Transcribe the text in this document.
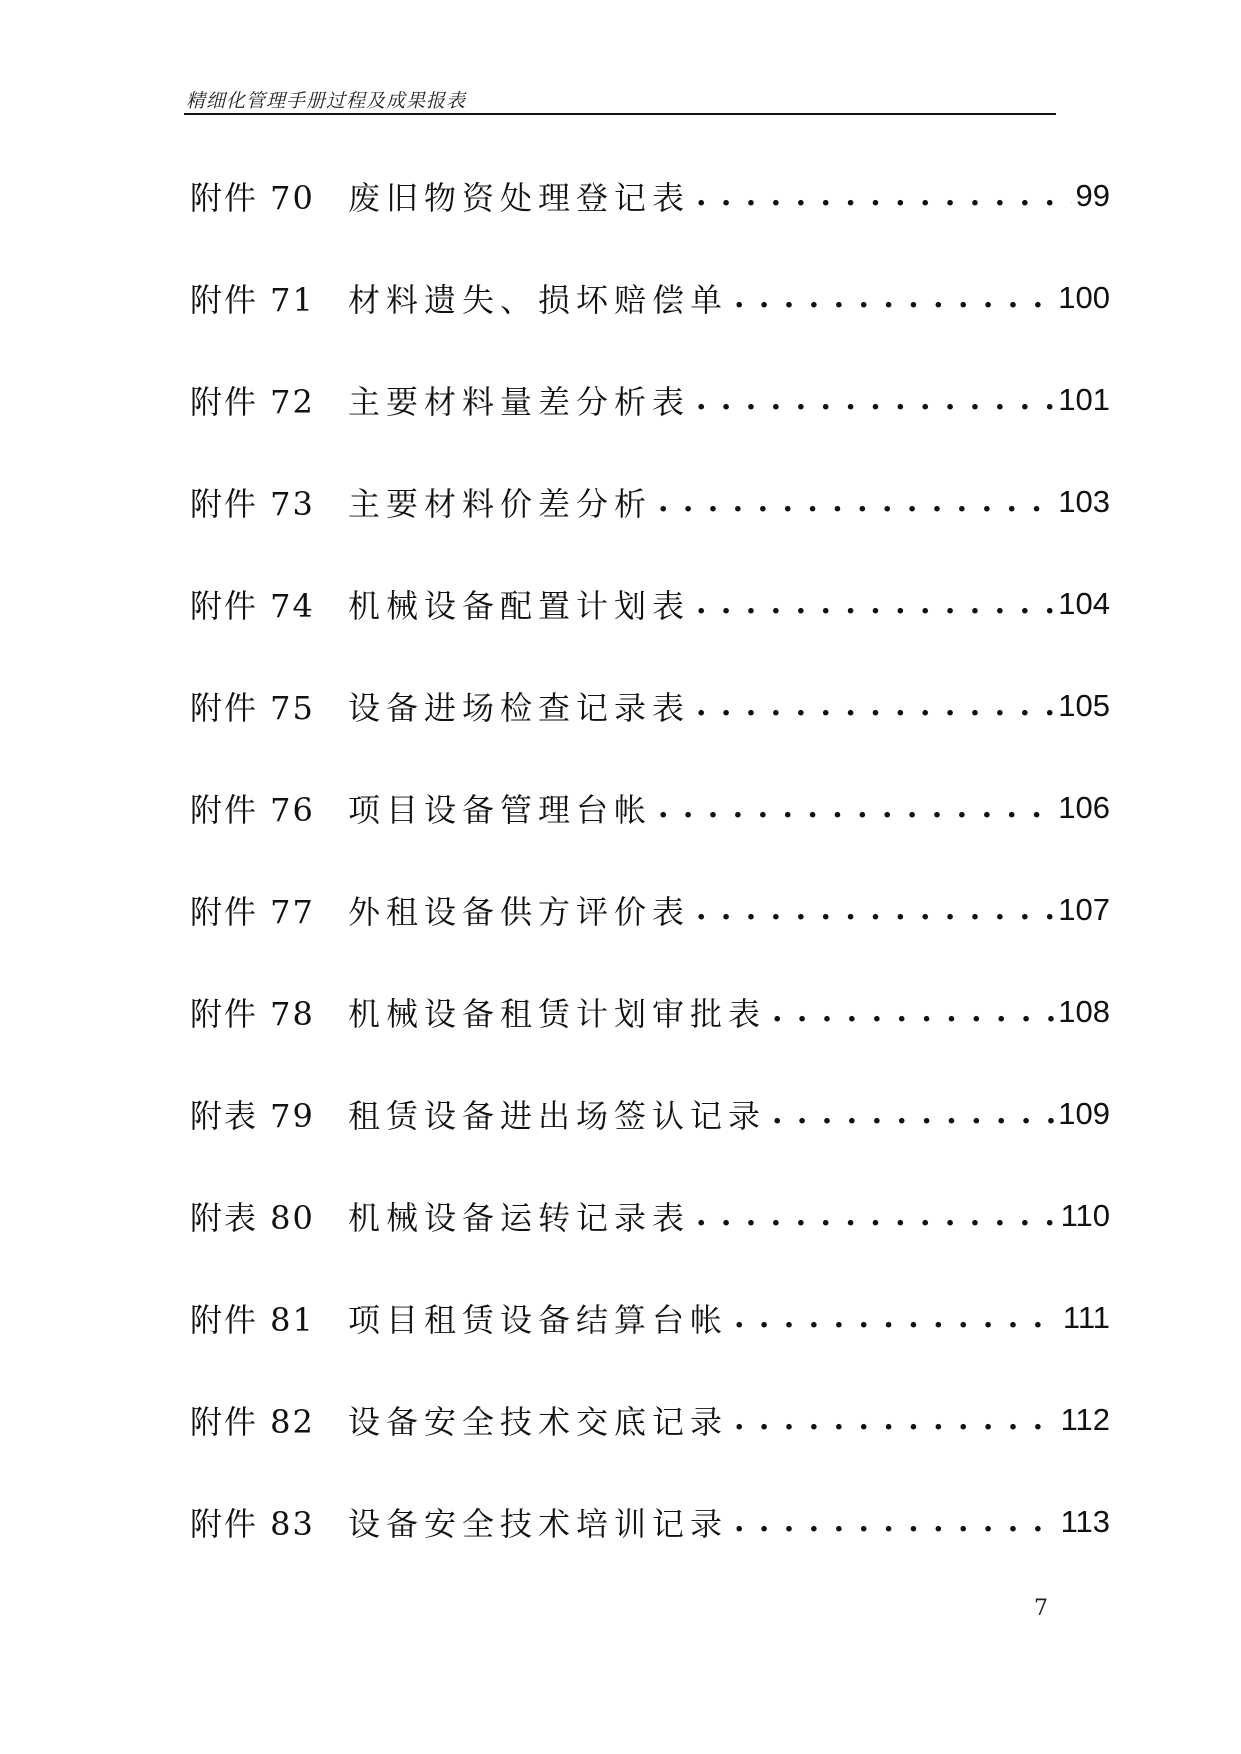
精细化管理手册过程及成果报表
附件 70	废旧物资处理登记表 . . .	99
附件 71	材料遗失、损坏赔偿单 . . .	100
附件 72	主要材料量差分析表 . . .	101
附件 73	主要材料价差分析 . . .	103
附件 74	机械设备配置计划表 . . .	104
附件 75	设备进场检查记录表 . . .	105
附件 76	项目设备管理台帐 . . .	106
附件 77	外租设备供方评价表 . . .	107
附件 78	机械设备租赁计划审批表 . . .	108
附表 79	租赁设备进出场签认记录 . . .	109
附表 80	机械设备运转记录表 . . .	110
附件 81	项目租赁设备结算台帐 . . .	111
附件 82	设备安全技术交底记录 . . .	112
附件 83	设备安全技术培训记录 . . .	113
7
